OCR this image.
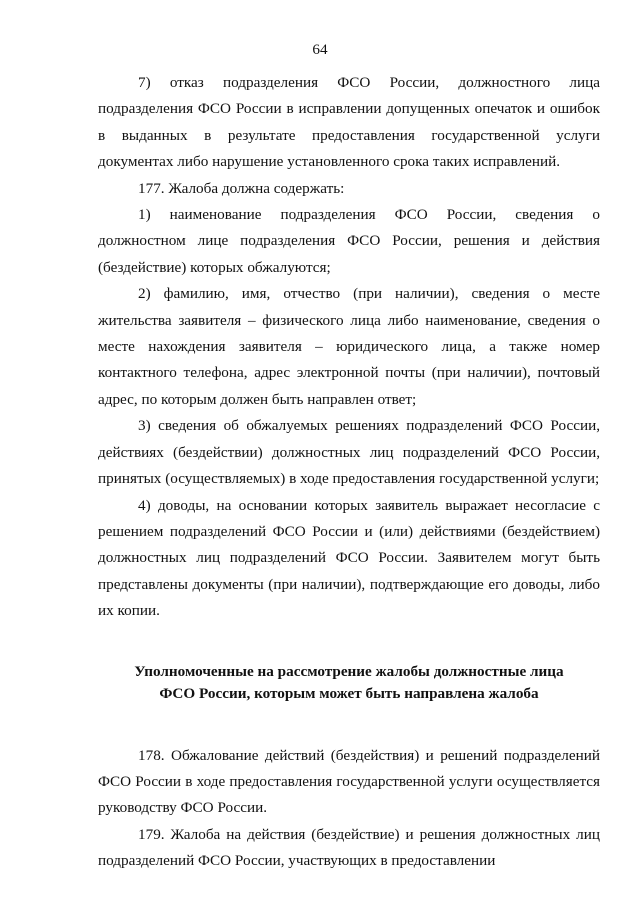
64

7) отказ подразделения ФСО России, должностного лица подразделения ФСО России в исправлении допущенных опечаток и ошибок в выданных в результате предоставления государственной услуги документах либо нарушение установленного срока таких исправлений.

177. Жалоба должна содержать:

1) наименование подразделения ФСО России, сведения о должностном лице подразделения ФСО России, решения и действия (бездействие) которых обжалуются;

2) фамилию, имя, отчество (при наличии), сведения о месте жительства заявителя – физического лица либо наименование, сведения о месте нахождения заявителя – юридического лица, а также номер контактного телефона, адрес электронной почты (при наличии), почтовый адрес, по которым должен быть направлен ответ;

3) сведения об обжалуемых решениях подразделений ФСО России, действиях (бездействии) должностных лиц подразделений ФСО России, принятых (осуществляемых) в ходе предоставления государственной услуги;

4) доводы, на основании которых заявитель выражает несогласие с решением подразделений ФСО России и (или) действиями (бездействием) должностных лиц подразделений ФСО России. Заявителем могут быть представлены документы (при наличии), подтверждающие его доводы, либо их копии.

Уполномоченные на рассмотрение жалобы должностные лица ФСО России, которым может быть направлена жалоба

178. Обжалование действий (бездействия) и решений подразделений ФСО России в ходе предоставления государственной услуги осуществляется руководству ФСО России.

179. Жалоба на действия (бездействие) и решения должностных лиц подразделений ФСО России, участвующих в предоставлении
